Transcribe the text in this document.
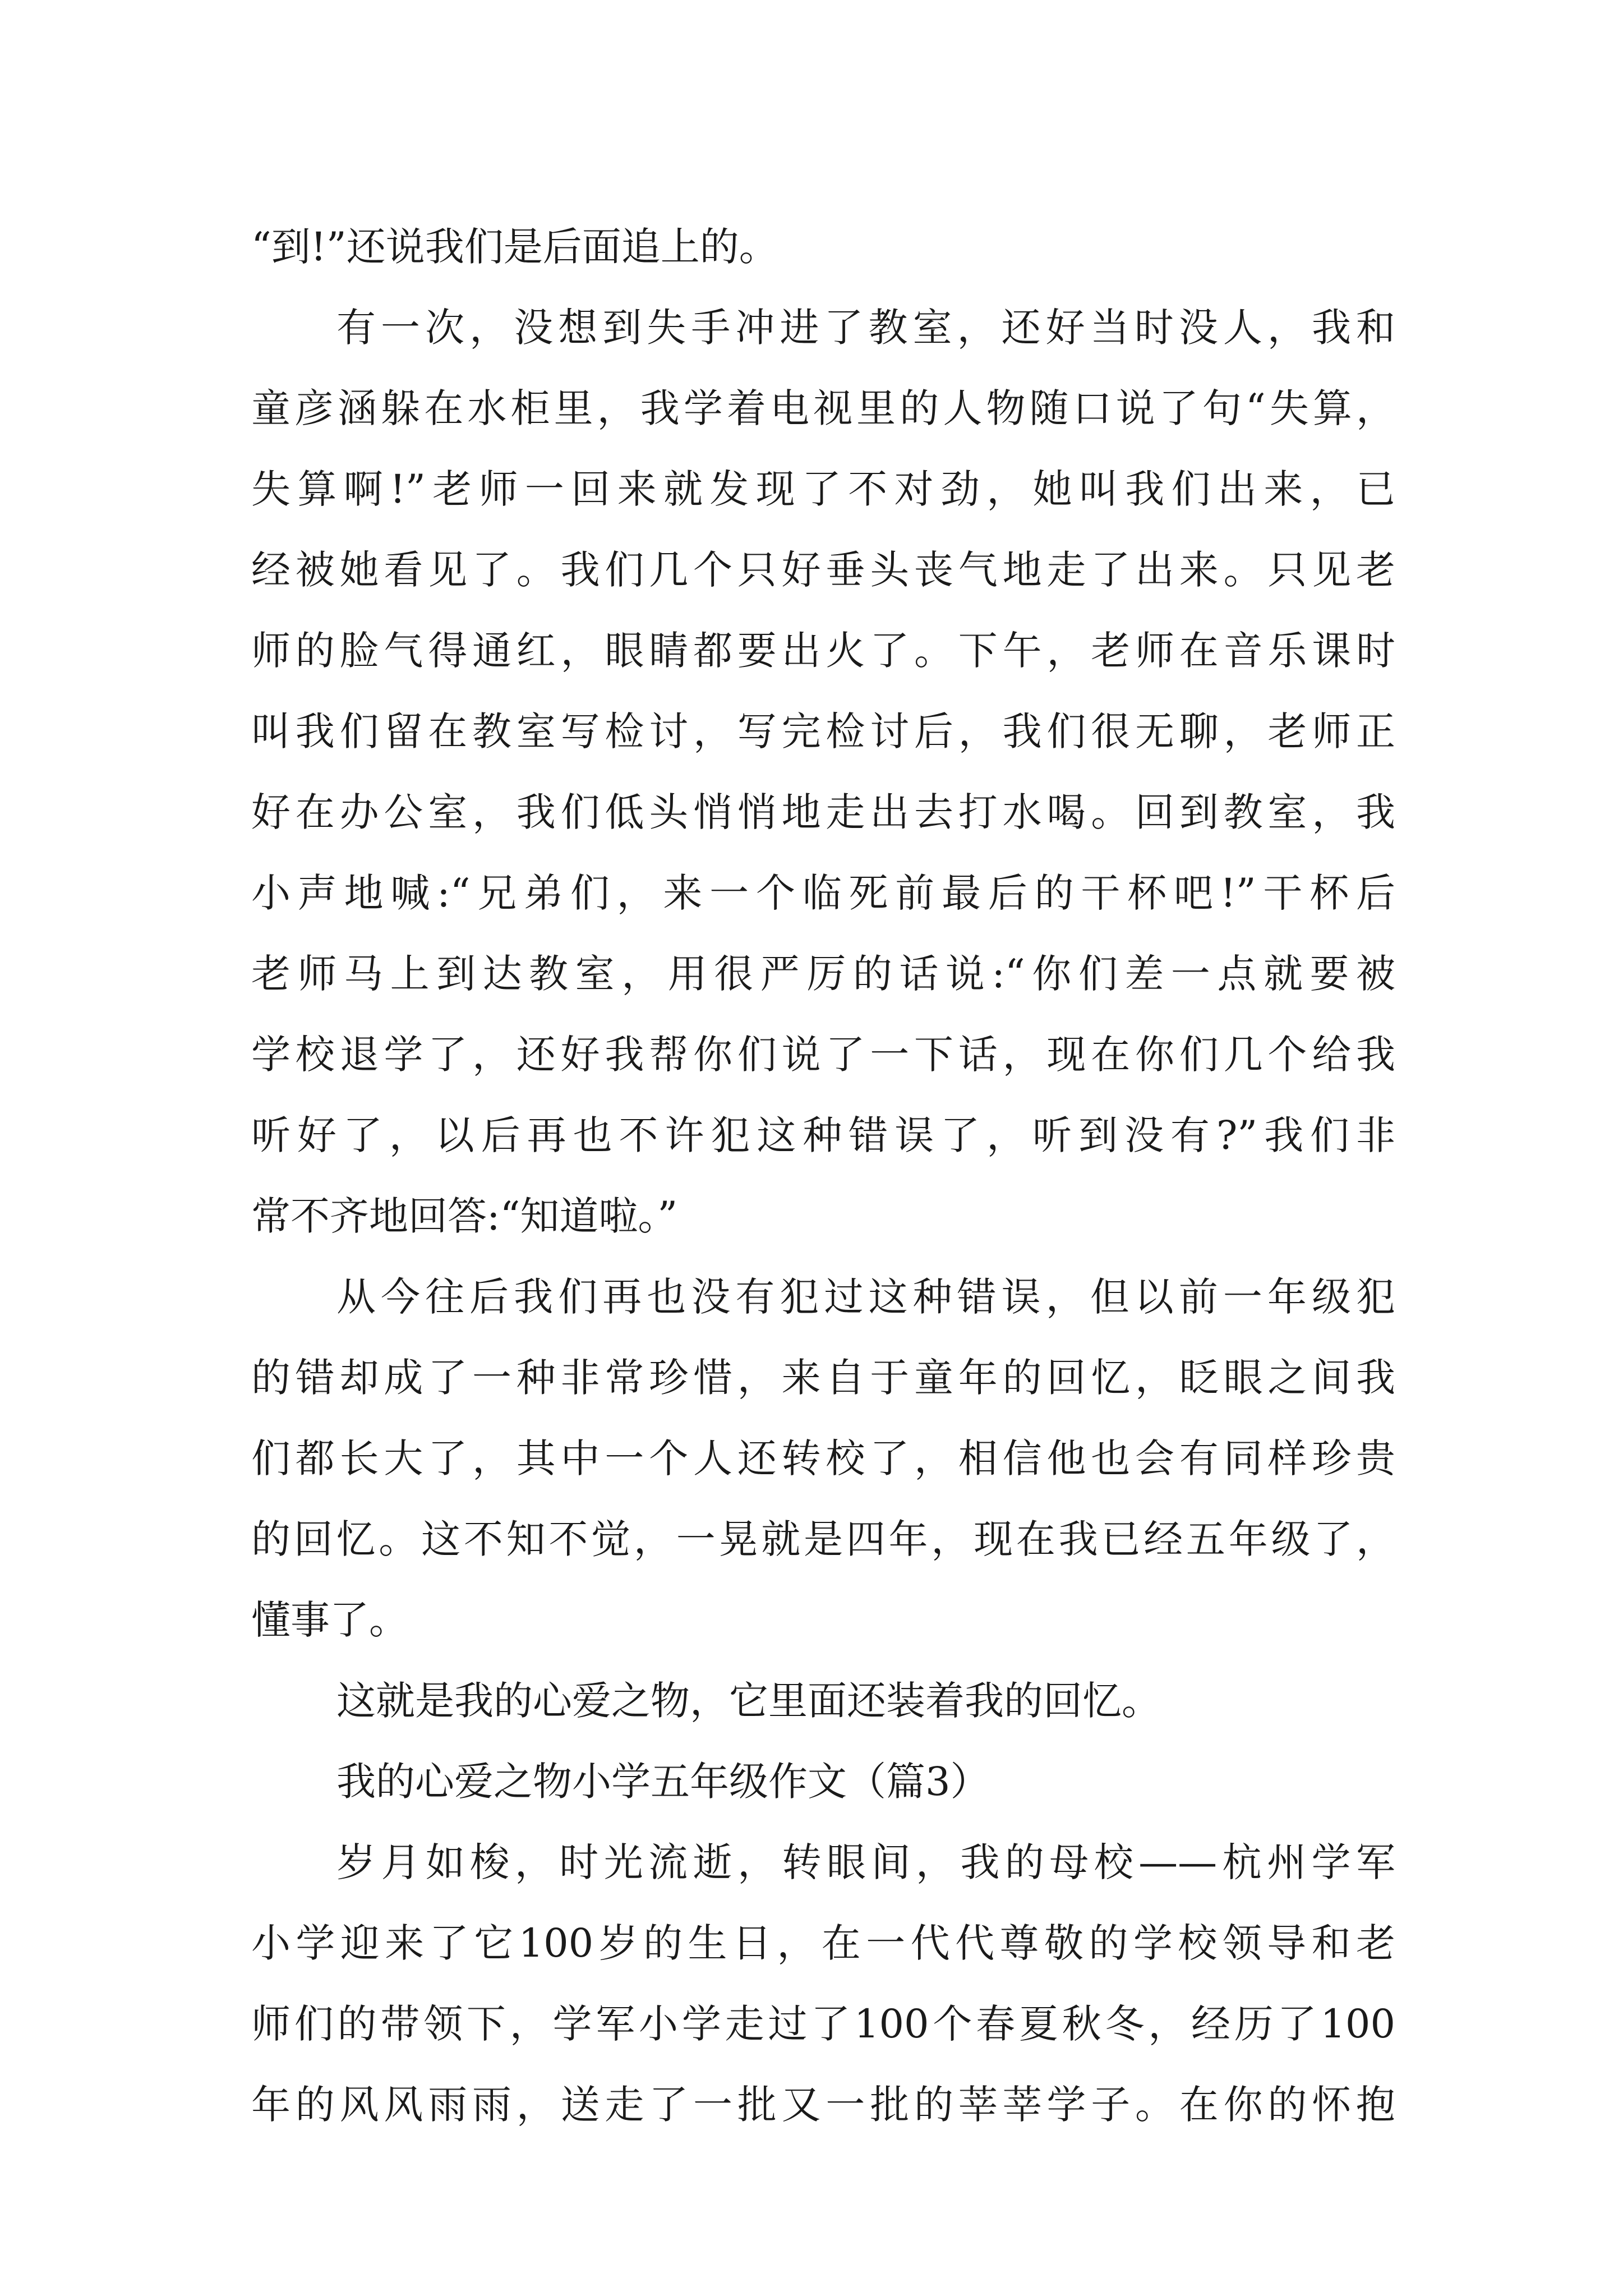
“到!”还说我们是后面追上的。
有一次，没想到失手冲进了教室，还好当时没人，我和
童彦涵躲在水柜里，我学着电视里的人物随口说了句“失算，
失算啊!”老师一回来就发现了不对劲，她叫我们出来，已
经被她看见了。我们几个只好垂头丧气地走了出来。只见老
师的脸气得通红，眼睛都要出火了。下午，老师在音乐课时
叫我们留在教室写检讨，写完检讨后，我们很无聊，老师正
好在办公室，我们低头悄悄地走出去打水喝。回到教室，我
小声地喊:“兄弟们，来一个临死前最后的干杯吧!”干杯后
老师马上到达教室，用很严厉的话说:“你们差一点就要被
学校退学了，还好我帮你们说了一下话，现在你们几个给我
听好了，以后再也不许犯这种错误了，听到没有?”我们非
常不齐地回答:“知道啦。”
从今往后我们再也没有犯过这种错误，但以前一年级犯
的错却成了一种非常珍惜，来自于童年的回忆，眨眼之间我
们都长大了，其中一个人还转校了，相信他也会有同样珍贵
的回忆。这不知不觉，一晃就是四年，现在我已经五年级了，
懂事了。
这就是我的心爱之物，它里面还装着我的回忆。
我的心爱之物小学五年级作文（篇3）
岁月如梭，时光流逝，转眼间，我的母校——杭州学军
小学迎来了它100岁的生日，在一代代尊敬的学校领导和老
师们的带领下，学军小学走过了100个春夏秋冬，经历了100
年的风风雨雨，送走了一批又一批的莘莘学子。在你的怀抱
